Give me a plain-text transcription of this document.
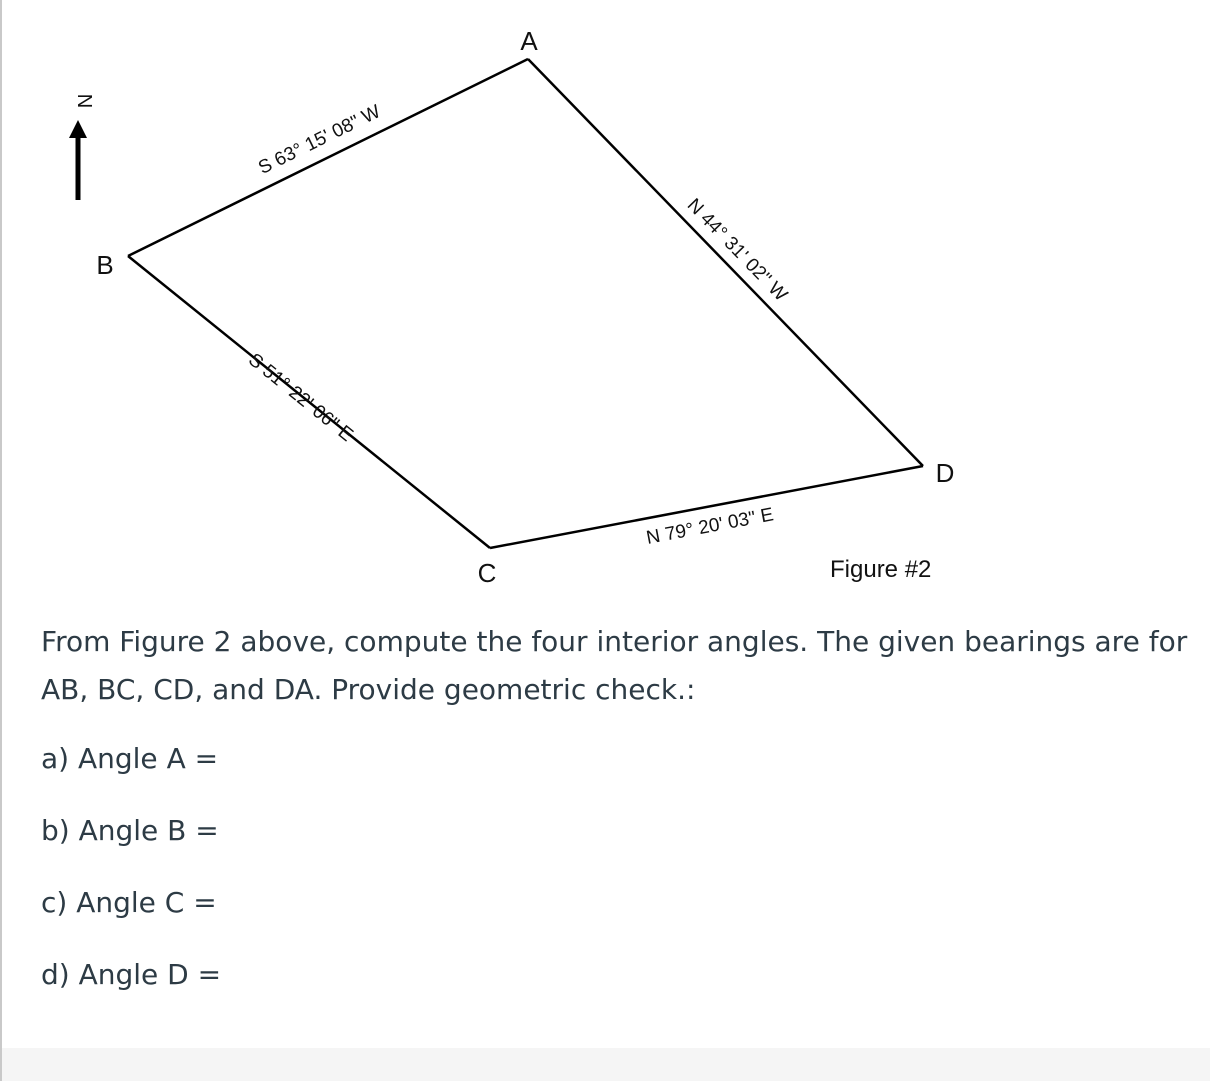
N
A
B
C
D
S 63° 15' 08" W
S 51° 22' 06" E
N 79° 20' 03" E
N 44° 31' 02" W
Figure #2

From Figure 2 above, compute the four interior angles. The given bearings are for AB, BC, CD, and DA. Provide geometric check.:

a) Angle A =

b) Angle B =

c) Angle C =

d) Angle D =
